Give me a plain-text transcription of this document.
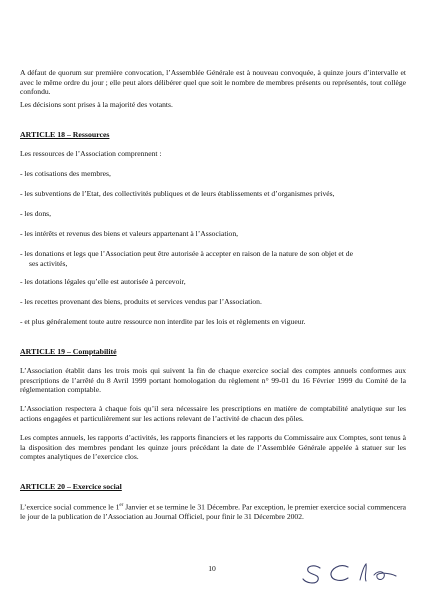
A défaut de quorum sur première convocation, l’Assemblée Générale est à nouveau convoquée, à quinze jours d’intervalle et avec le même ordre du jour ; elle peut alors délibérer quel que soit le nombre de membres présents ou représentés, tout collège confondu.

Les décisions sont prises à la majorité des votants.

ARTICLE 18 – Ressources

Les ressources de l’Association comprennent :

- les cotisations des membres,

- les subventions de l’Etat, des collectivités publiques et de leurs établissements et d’organismes privés,

- les dons,

- les intérêts et revenus des biens et valeurs appartenant à l’Association,

- les donations et legs que l’Association peut être autorisée à accepter en raison de la nature de son objet et de
ses activités,

- les dotations légales qu’elle est autorisée à percevoir,

- les recettes provenant des biens, produits et services vendus par l’Association.

- et plus généralement toute autre ressource non interdite par les lois et règlements en vigueur.

ARTICLE 19 – Comptabilité

L’Association établit dans les trois mois qui suivent la fin de chaque exercice social des comptes annuels conformes aux prescriptions de l’arrêté du 8 Avril 1999 portant homologation du règlement n° 99-01 du 16 Février 1999 du Comité de la réglementation comptable.

L’Association respectera à chaque fois qu’il sera nécessaire les prescriptions en matière de comptabilité analytique sur les actions engagées et particulièrement sur les actions relevant de l’activité de chacun des pôles.

Les comptes annuels, les rapports d’activités, les rapports financiers et les rapports du Commissaire aux Comptes, sont tenus à la disposition des membres pendant les quinze jours précédant la date de l’Assemblée Générale appelée à statuer sur les comptes analytiques de l’exercice clos.

ARTICLE 20 – Exercice social

L’exercice social commence le 1er Janvier et se termine le 31 Décembre. Par exception, le premier exercice social commencera le jour de la publication de l’Association au Journal Officiel, pour finir le 31 Décembre 2002.

10
